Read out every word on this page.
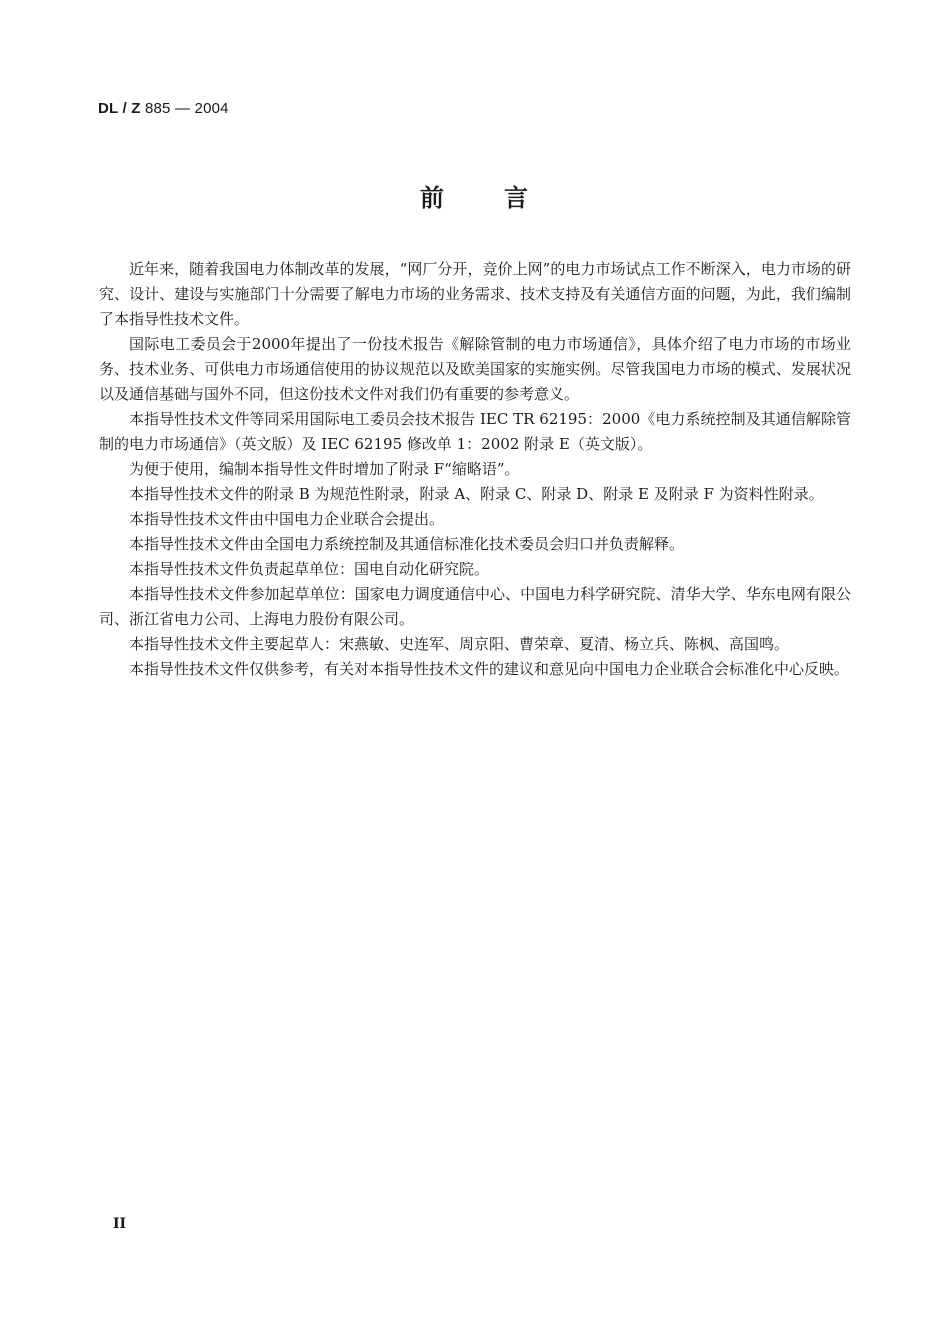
DL / Z 885 — 2004
前 言

近年来，随着我国电力体制改革的发展，“网厂分开，竞价上网”的电力市场试点工作不断深入，电力市场的研究、设计、建设与实施部门十分需要了解电力市场的业务需求、技术支持及有关通信方面的问题，为此，我们编制了本指导性技术文件。

国际电工委员会于2000年提出了一份技术报告《解除管制的电力市场通信》，具体介绍了电力市场的市场业务、技术业务、可供电力市场通信使用的协议规范以及欧美国家的实施实例。尽管我国电力市场的模式、发展状况以及通信基础与国外不同，但这份技术文件对我们仍有重要的参考意义。

本指导性技术文件等同采用国际电工委员会技术报告 IEC TR 62195：2000《电力系统控制及其通信解除管制的电力市场通信》（英文版）及 IEC 62195 修改单 1：2002 附录 E（英文版）。

为便于使用，编制本指导性文件时增加了附录 F“缩略语”。

本指导性技术文件的附录 B 为规范性附录，附录 A、附录 C、附录 D、附录 E 及附录 F 为资料性附录。

本指导性技术文件由中国电力企业联合会提出。

本指导性技术文件由全国电力系统控制及其通信标准化技术委员会归口并负责解释。

本指导性技术文件负责起草单位：国电自动化研究院。

本指导性技术文件参加起草单位：国家电力调度通信中心、中国电力科学研究院、清华大学、华东电网有限公司、浙江省电力公司、上海电力股份有限公司。

本指导性技术文件主要起草人：宋燕敏、史连军、周京阳、曹荣章、夏清、杨立兵、陈枫、高国鸣。

本指导性技术文件仅供参考，有关对本指导性技术文件的建议和意见向中国电力企业联合会标准化中心反映。

II
